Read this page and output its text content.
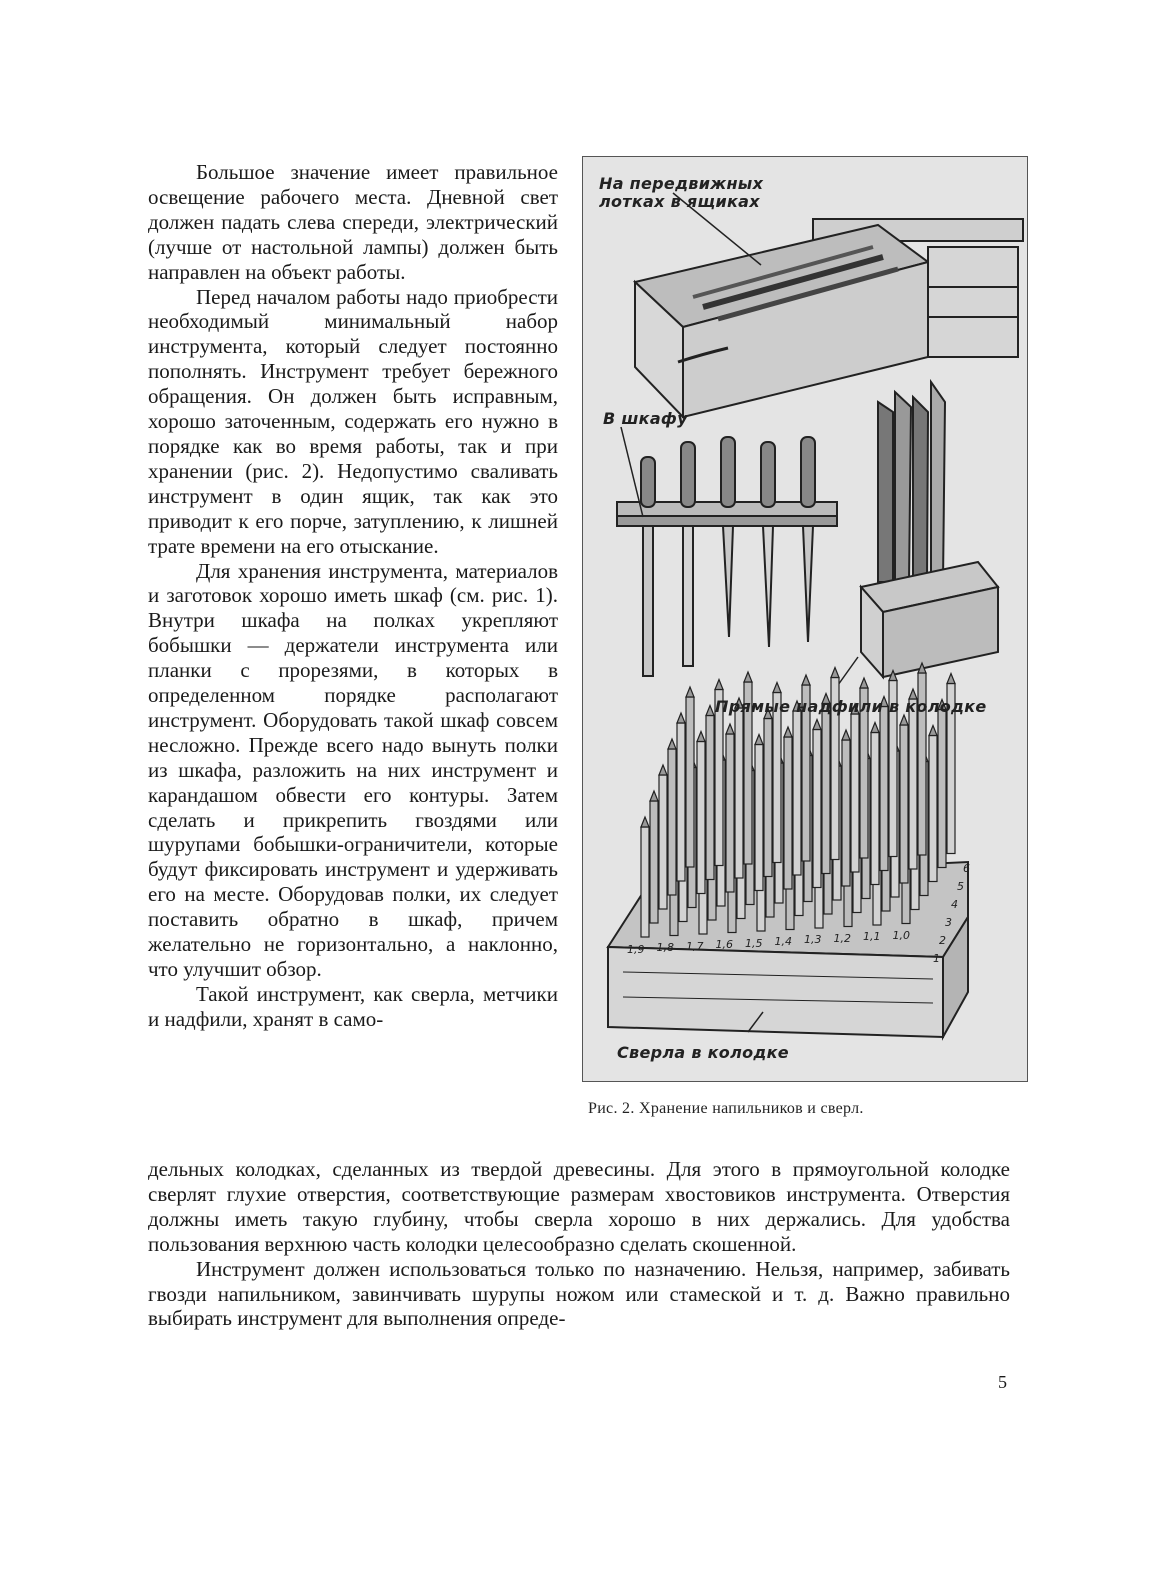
Большое значение имеет правильное освещение рабочего места. Дневной свет должен падать слева спереди, электрический (лучше от настольной лампы) должен быть направлен на объект работы.

Перед началом работы надо приобрести необходимый минимальный набор инструмента, который следует постоянно пополнять. Инструмент требует бережного обращения. Он должен быть исправным, хорошо заточенным, содержать его нужно в порядке как во время работы, так и при хранении (рис. 2). Недопустимо сваливать инструмент в один ящик, так как это приводит к его порче, затуплению, к лишней трате времени на его отыскание.

Для хранения инструмента, материалов и заготовок хорошо иметь шкаф (см. рис. 1). Внутри шкафа на полках укрепляют бобышки — держатели инструмента или планки с прорезями, в которых в определенном порядке располагают инструмент. Оборудовать такой шкаф совсем несложно. Прежде всего надо вынуть полки из шкафа, разложить на них инструмент и карандашом обвести его контуры. Затем сделать и прикрепить гвоздями или шурупами бобышки-ограничители, которые будут фиксировать инструмент и удерживать его на месте. Оборудовав полки, их следует поставить обратно в шкаф, причем желательно не горизонтально, а наклонно, что улучшит обзор.

Такой инструмент, как сверла, метчики и надфили, хранят в само-

На передвижных
лотках в ящиках
В шкафу
Прямые надфили в колодке
Сверла в колодке
1,9 1,8 1,7 1,6 1,5 1,4 1,3 1,2 1,1 1,0
1
2
3
4
5
6
Рис. 2. Хранение напильников и сверл.

дельных колодках, сделанных из твердой древесины. Для этого в прямоугольной колодке сверлят глухие отверстия, соответствующие размерам хвостовиков инструмента. Отверстия должны иметь такую глубину, чтобы сверла хорошо в них держались. Для удобства пользования верхнюю часть колодки целесообразно сделать скошенной.

Инструмент должен использоваться только по назначению. Нельзя, например, забивать гвозди напильником, завинчивать шурупы ножом или стамеской и т. д. Важно правильно выбирать инструмент для выполнения опреде-

5
